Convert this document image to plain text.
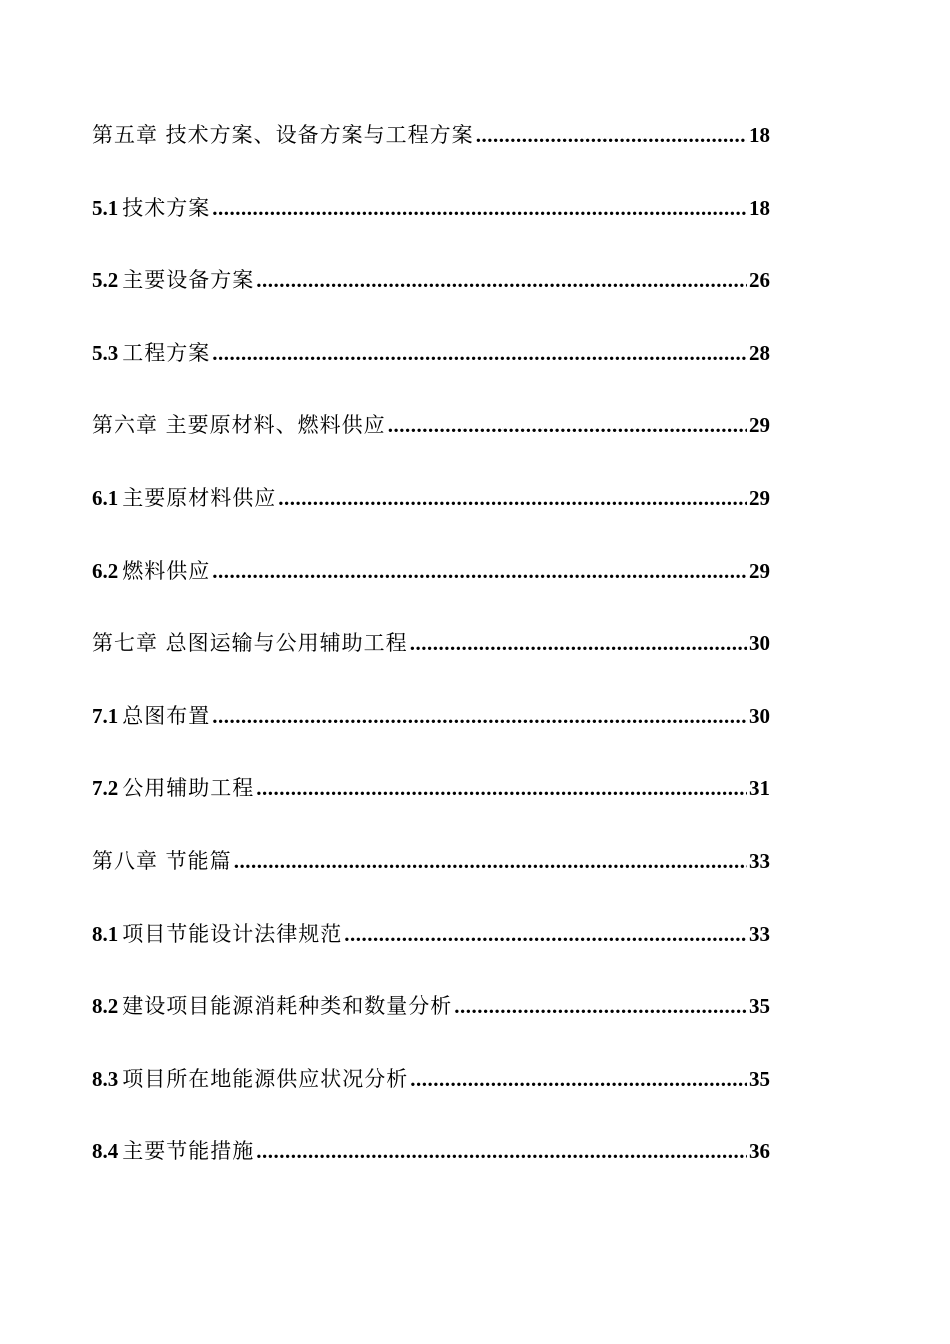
第五章 技术方案、设备方案与工程方案 .....	18
5.1 技术方案 .....	18
5.2 主要设备方案 .....	26
5.3 工程方案 .....	28
第六章 主要原材料、燃料供应 .....	29
6.1 主要原材料供应 .....	29
6.2 燃料供应 .....	29
第七章 总图运输与公用辅助工程 .....	30
7.1 总图布置 .....	30
7.2 公用辅助工程 .....	31
第八章 节能篇 .....	33
8.1 项目节能设计法律规范 .....	33
8.2 建设项目能源消耗种类和数量分析 .....	35
8.3 项目所在地能源供应状况分析 .....	35
8.4 主要节能措施 .....	36
